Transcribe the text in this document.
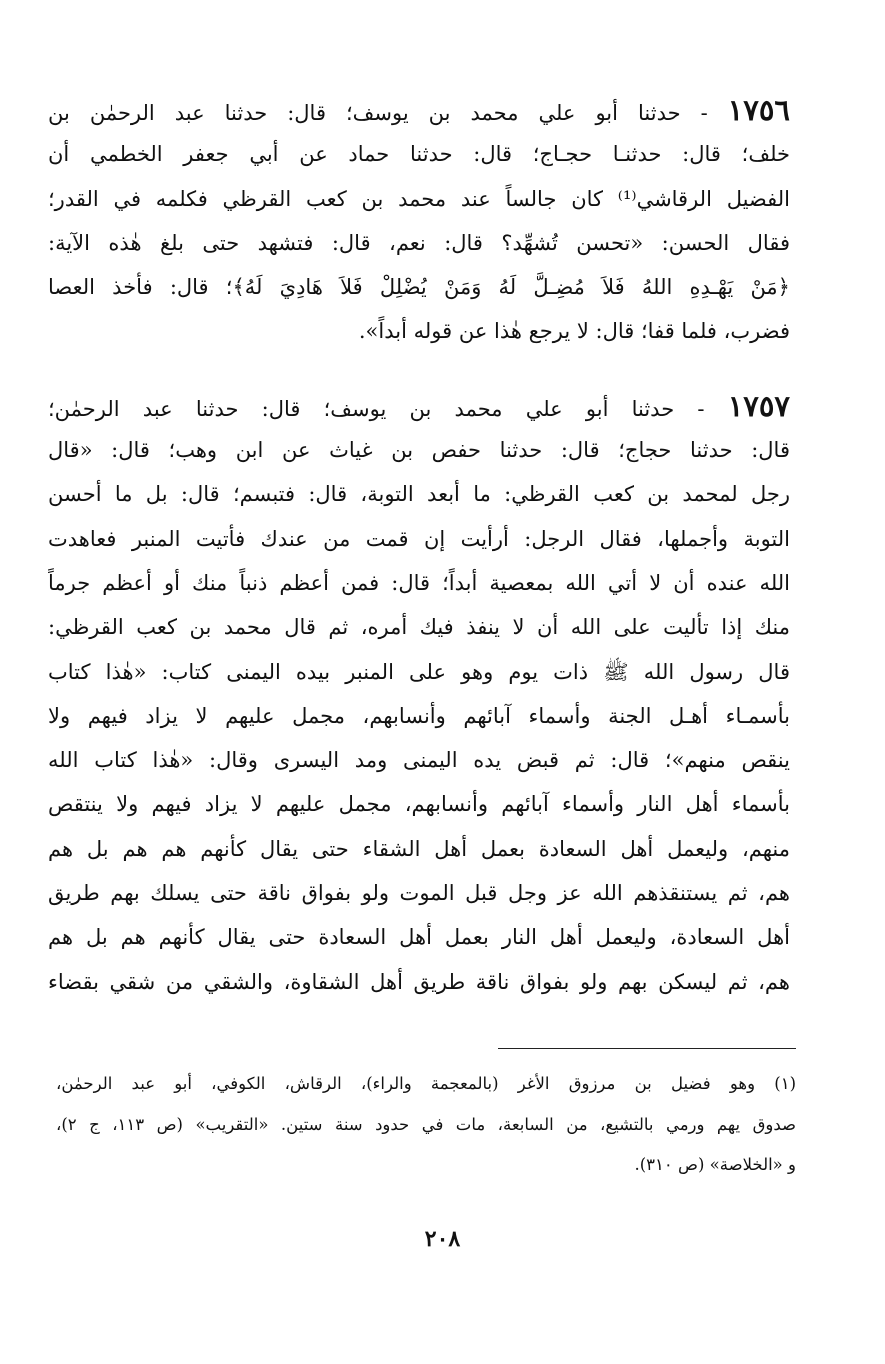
١٧٥٦ - حدثنا أبو علي محمد بن يوسف؛ قال: حدثنا عبد الرحمٰن بن
خلف؛ قال: حدثنـا حجـاج؛ قال: حدثنا حماد عن أبي جعفر الخطمي أن
الفضيل الرقاشي⁽¹⁾ كان جالساً عند محمد بن كعب القرظي فكلمه في القدر؛
فقال الحسن: «تحسن تُشهِّد؟ قال: نعم، قال: فتشهد حتى بلغ هٰذه الآية:
﴿مَنْ يَهْـدِهِ اللهُ فَلاَ مُضِـلَّ لَهُ وَمَنْ يُضْلِلْ فَلاَ هَادِيَ لَهُ﴾؛ قال: فأخذ العصا
فضرب، فلما قفا؛ قال: لا يرجع هٰذا عن قوله أبداً».
١٧٥٧ - حدثنا أبو علي محمد بن يوسف؛ قال: حدثنا عبد الرحمٰن؛
قال: حدثنا حجاج؛ قال: حدثنا حفص بن غياث عن ابن وهب؛ قال: «قال
رجل لمحمد بن كعب القرظي: ما أبعد التوبة، قال: فتبسم؛ قال: بل ما أحسن
التوبة وأجملها، فقال الرجل: أرأيت إن قمت من عندك فأتيت المنبر فعاهدت
الله عنده أن لا أتي الله بمعصية أبداً؛ قال: فمن أعظم ذنباً منك أو أعظم جرماً
منك إذا تأليت على الله أن لا ينفذ فيك أمره، ثم قال محمد بن كعب القرظي:
قال رسول الله ﷺ ذات يوم وهو على المنبر بيده اليمنى كتاب: «هٰذا كتاب
بأسمـاء أهـل الجنة وأسماء آبائهم وأنسابهم، مجمل عليهم لا يزاد فيهم ولا
ينقص منهم»؛ قال: ثم قبض يده اليمنى ومد اليسرى وقال: «هٰذا كتاب الله
بأسماء أهل النار وأسماء آبائهم وأنسابهم، مجمل عليهم لا يزاد فيهم ولا ينتقص
منهم، وليعمل أهل السعادة بعمل أهل الشقاء حتى يقال كأنهم هم هم بل هم
هم، ثم يستنقذهم الله عز وجل قبل الموت ولو بفواق ناقة حتى يسلك بهم طريق
أهل السعادة، وليعمل أهل النار بعمل أهل السعادة حتى يقال كأنهم هم بل هم
هم، ثم ليسكن بهم ولو بفواق ناقة طريق أهل الشقاوة، والشقي من شقي بقضاء
(١) وهو فضيل بن مرزوق الأغر (بالمعجمة والراء)، الرقاش، الكوفي، أبو عبد الرحمٰن،
صدوق يهم ورمي بالتشيع، من السابعة، مات في حدود سنة ستين. «التقريب» (ص ١١٣، ج ٢)،
و «الخلاصة» (ص ٣١٠).
٢٠٨
